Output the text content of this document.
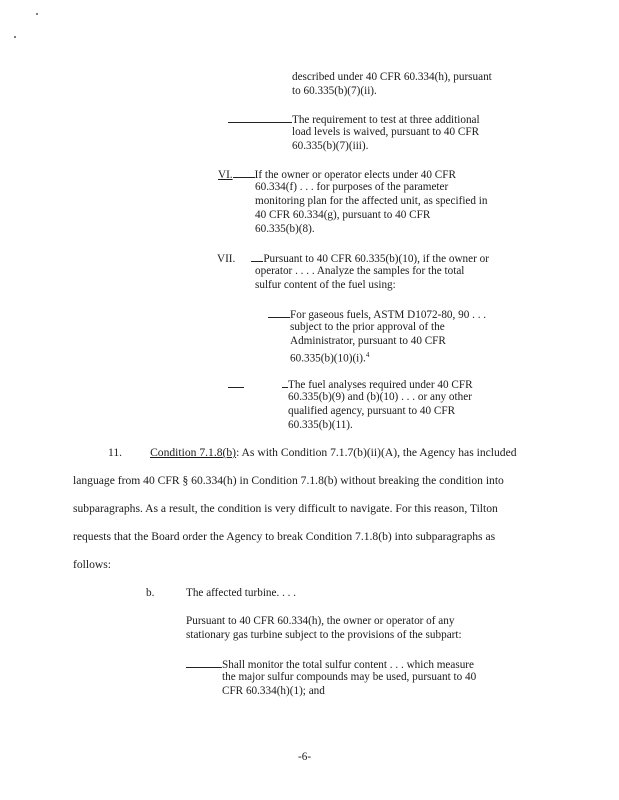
described under 40 CFR 60.334(h), pursuant
to 60.335(b)(7)(ii).
The requirement to test at three additional
load levels is waived, pursuant to 40 CFR
60.335(b)(7)(iii).
VI. If the owner or operator elects under 40 CFR
60.334(f) . . . for purposes of the parameter
monitoring plan for the affected unit, as specified in
40 CFR 60.334(g), pursuant to 40 CFR
60.335(b)(8).
VII.	Pursuant to 40 CFR 60.335(b)(10), if the owner or
operator . . . . Analyze the samples for the total
sulfur content of the fuel using:
For gaseous fuels, ASTM D1072-80, 90 . . .
subject to the prior approval of the
Administrator, pursuant to 40 CFR
60.335(b)(10)(i).$^4$
The fuel analyses required under 40 CFR
60.335(b)(9) and (b)(10) . . . or any other
qualified agency, pursuant to 40 CFR
60.335(b)(11).
11. Condition 7.1.8(b): As with Condition 7.1.7(b)(ii)(A), the Agency has included
language from 40 CFR § 60.334(h) in Condition 7.1.8(b) without breaking the condition into
subparagraphs. As a result, the condition is very difficult to navigate. For this reason, Tilton
requests that the Board order the Agency to break Condition 7.1.8(b) into subparagraphs as
follows:
b.	The affected turbine. . . .
Pursuant to 40 CFR 60.334(h), the owner or operator of any
stationary gas turbine subject to the provisions of the subpart:
Shall monitor the total sulfur content . . . which measure
the major sulfur compounds may be used, pursuant to 40
CFR 60.334(h)(1); and
-6-
